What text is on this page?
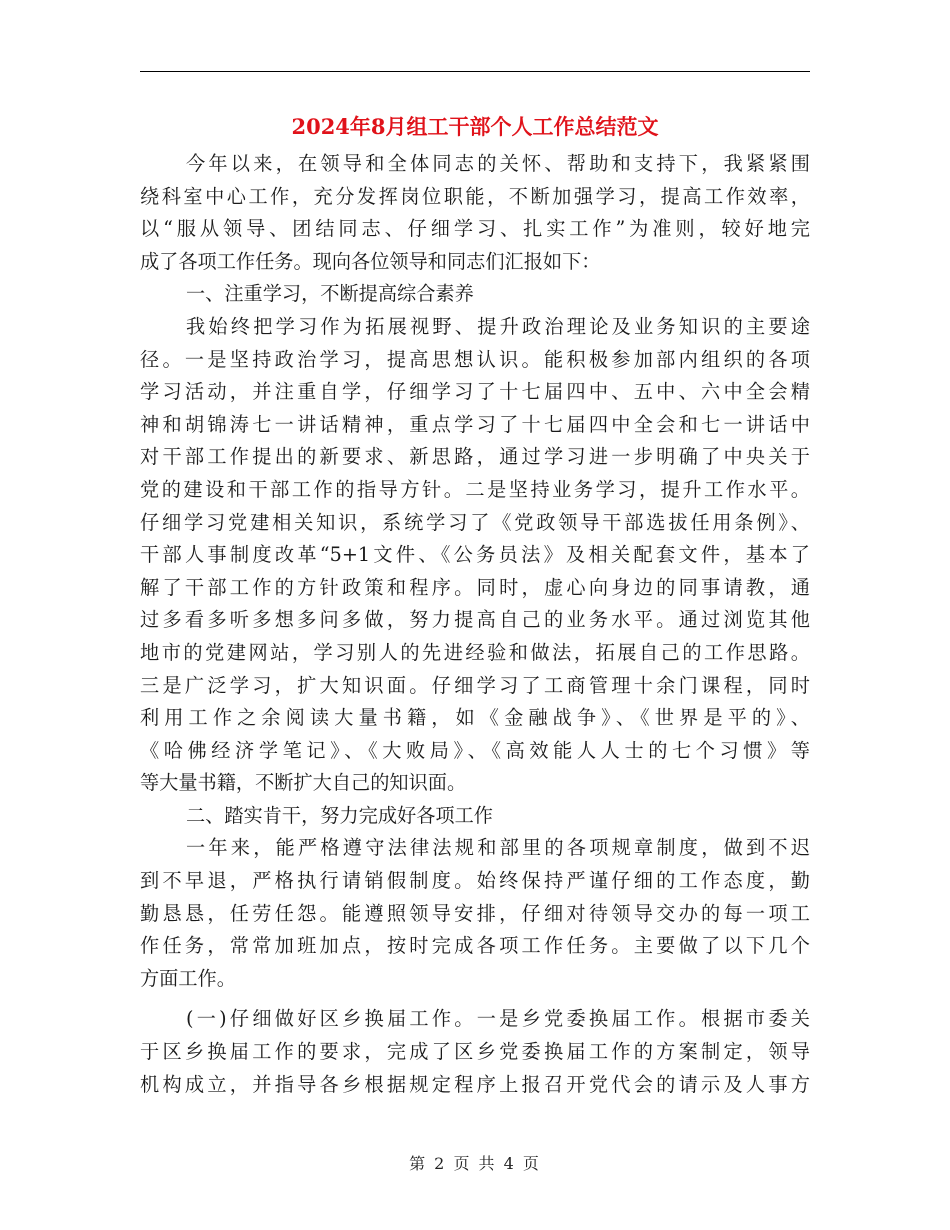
2024年8月组工干部个人工作总结范文
今年以来，在领导和全体同志的关怀、帮助和支持下，我紧紧围
绕科室中心工作，充分发挥岗位职能，不断加强学习，提高工作效率，
以“服从领导、团结同志、仔细学习、扎实工作”为准则，较好地完
成了各项工作任务。现向各位领导和同志们汇报如下：
一、注重学习，不断提高综合素养
我始终把学习作为拓展视野、提升政治理论及业务知识的主要途
径。一是坚持政治学习，提高思想认识。能积极参加部内组织的各项
学习活动，并注重自学，仔细学习了十七届四中、五中、六中全会精
神和胡锦涛七一讲话精神，重点学习了十七届四中全会和七一讲话中
对干部工作提出的新要求、新思路，通过学习进一步明确了中央关于
党的建设和干部工作的指导方针。二是坚持业务学习，提升工作水平。
仔细学习党建相关知识，系统学习了《党政领导干部选拔任用条例》、
干部人事制度改革“5+1文件、《公务员法》及相关配套文件，基本了
解了干部工作的方针政策和程序。同时，虚心向身边的同事请教，通
过多看多听多想多问多做，努力提高自己的业务水平。通过浏览其他
地市的党建网站，学习别人的先进经验和做法，拓展自己的工作思路。
三是广泛学习，扩大知识面。仔细学习了工商管理十余门课程，同时
利用工作之余阅读大量书籍，如《金融战争》、《世界是平的》、
《哈佛经济学笔记》、《大败局》、《高效能人人士的七个习惯》等
等大量书籍，不断扩大自己的知识面。
二、踏实肯干，努力完成好各项工作
一年来，能严格遵守法律法规和部里的各项规章制度，做到不迟
到不早退，严格执行请销假制度。始终保持严谨仔细的工作态度，勤
勤恳恳，任劳任怨。能遵照领导安排，仔细对待领导交办的每一项工
作任务，常常加班加点，按时完成各项工作任务。主要做了以下几个
方面工作。
(一)仔细做好区乡换届工作。一是乡党委换届工作。根据市委关
于区乡换届工作的要求，完成了区乡党委换届工作的方案制定，领导
机构成立，并指导各乡根据规定程序上报召开党代会的请示及人事方
第 2 页 共 4 页
